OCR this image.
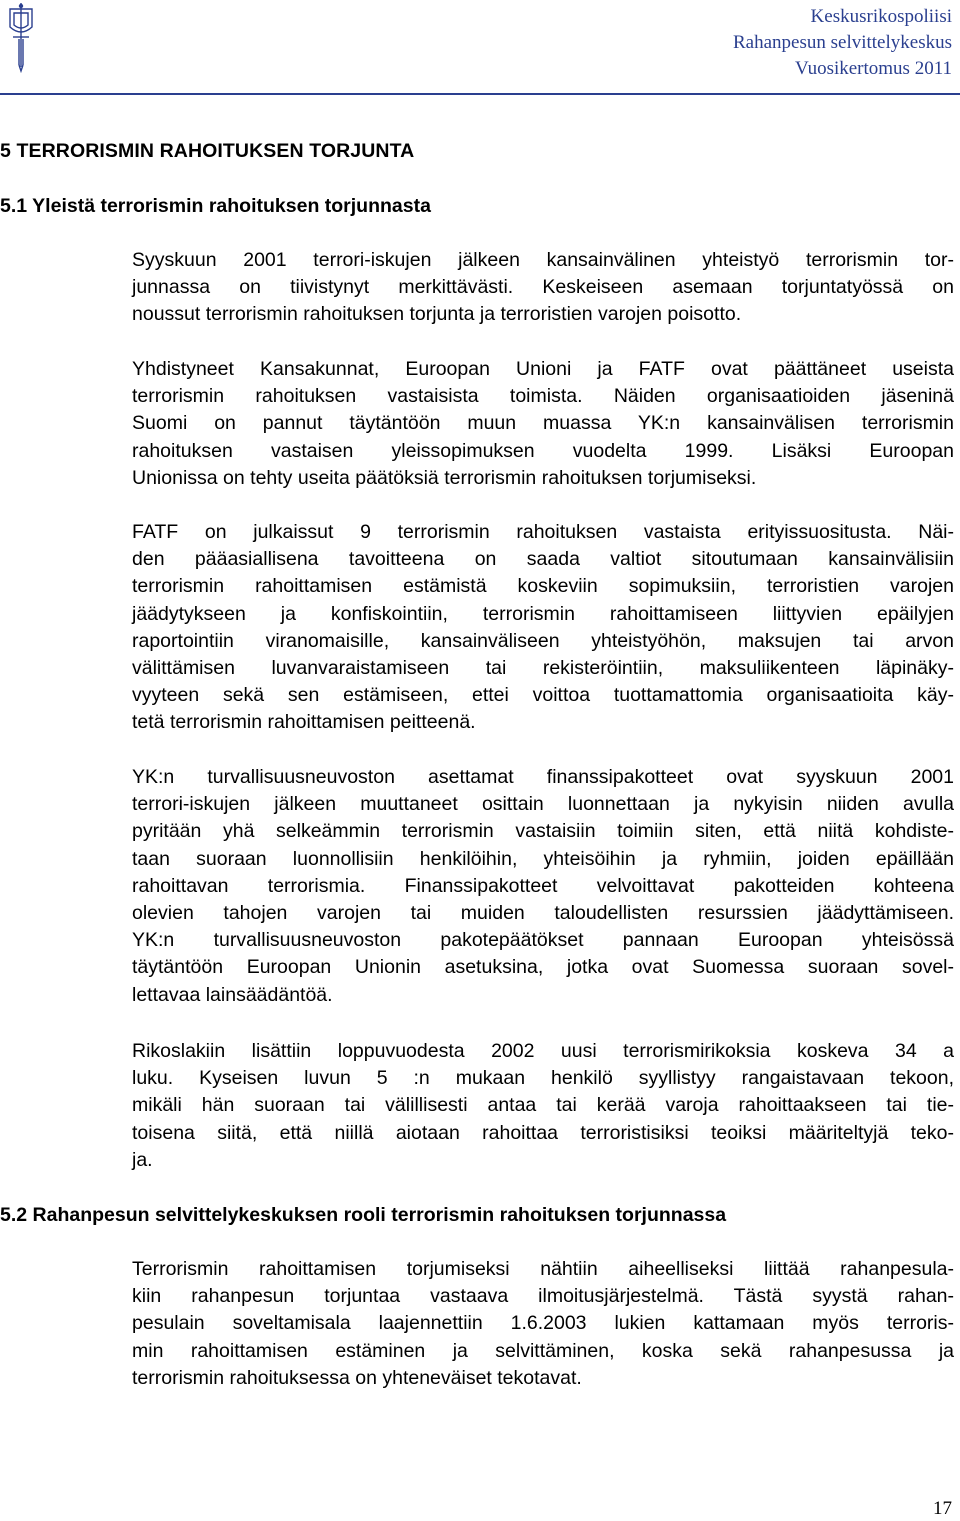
Keskusrikospoliisi
Rahanpesun selvittelykeskus
Vuosikertomus 2011
5 TERRORISMIN RAHOITUKSEN TORJUNTA
5.1 Yleistä terrorismin rahoituksen torjunnasta
Syyskuun 2001 terrori-iskujen jälkeen kansainvälinen yhteistyö terrorismin tor-
junnassa on tiivistynyt merkittävästi. Keskeiseen asemaan torjuntatyössä on
noussut terrorismin rahoituksen torjunta ja terroristien varojen poisotto.
Yhdistyneet Kansakunnat, Euroopan Unioni ja FATF ovat päättäneet useista
terrorismin rahoituksen vastaisista toimista. Näiden organisaatioiden jäseninä
Suomi on pannut täytäntöön muun muassa YK:n kansainvälisen terrorismin
rahoituksen vastaisen yleissopimuksen vuodelta 1999. Lisäksi Euroopan
Unionissa on tehty useita päätöksiä terrorismin rahoituksen torjumiseksi.
FATF on julkaissut 9 terrorismin rahoituksen vastaista erityissuositusta. Näi-
den pääasiallisena tavoitteena on saada valtiot sitoutumaan kansainvälisiin
terrorismin rahoittamisen estämistä koskeviin sopimuksiin, terroristien varojen
jäädytykseen ja konfiskointiin, terrorismin rahoittamiseen liittyvien epäilyjen
raportointiin viranomaisille, kansainväliseen yhteistyöhön, maksujen tai arvon
välittämisen luvanvaraistamiseen tai rekisteröintiin, maksuliikenteen läpinäky-
vyyteen sekä sen estämiseen, ettei voittoa tuottamattomia organisaatioita käy-
tetä terrorismin rahoittamisen peitteenä.
YK:n turvallisuusneuvoston asettamat finanssipakotteet ovat syyskuun 2001
terrori-iskujen jälkeen muuttaneet osittain luonnettaan ja nykyisin niiden avulla
pyritään yhä selkeämmin terrorismin vastaisiin toimiin siten, että niitä kohdiste-
taan suoraan luonnollisiin henkilöihin, yhteisöihin ja ryhmiin, joiden epäillään
rahoittavan terrorismia. Finanssipakotteet velvoittavat pakotteiden kohteena
olevien tahojen varojen tai muiden taloudellisten resurssien jäädyttämiseen.
YK:n turvallisuusneuvoston pakotepäätökset pannaan Euroopan yhteisössä
täytäntöön Euroopan Unionin asetuksina, jotka ovat Suomessa suoraan sovel-
lettavaa lainsäädäntöä.
Rikoslakiin lisättiin loppuvuodesta 2002 uusi terrorismirikoksia koskeva 34 a
luku. Kyseisen luvun 5 :n mukaan henkilö syyllistyy rangaistavaan tekoon,
mikäli hän suoraan tai välillisesti antaa tai kerää varoja rahoittaakseen tai tie-
toisena siitä, että niillä aiotaan rahoittaa terroristisiksi teoiksi määriteltyjä teko-
ja.
5.2 Rahanpesun selvittelykeskuksen rooli terrorismin rahoituksen torjunnassa
Terrorismin rahoittamisen torjumiseksi nähtiin aiheelliseksi liittää rahanpesula-
kiin rahanpesun torjuntaa vastaava ilmoitusjärjestelmä. Tästä syystä rahan-
pesulain soveltamisala laajennettiin 1.6.2003 lukien kattamaan myös terroris-
min rahoittamisen estäminen ja selvittäminen, koska sekä rahanpesussa ja
terrorismin rahoituksessa on yhteneväiset tekotavat.
17
